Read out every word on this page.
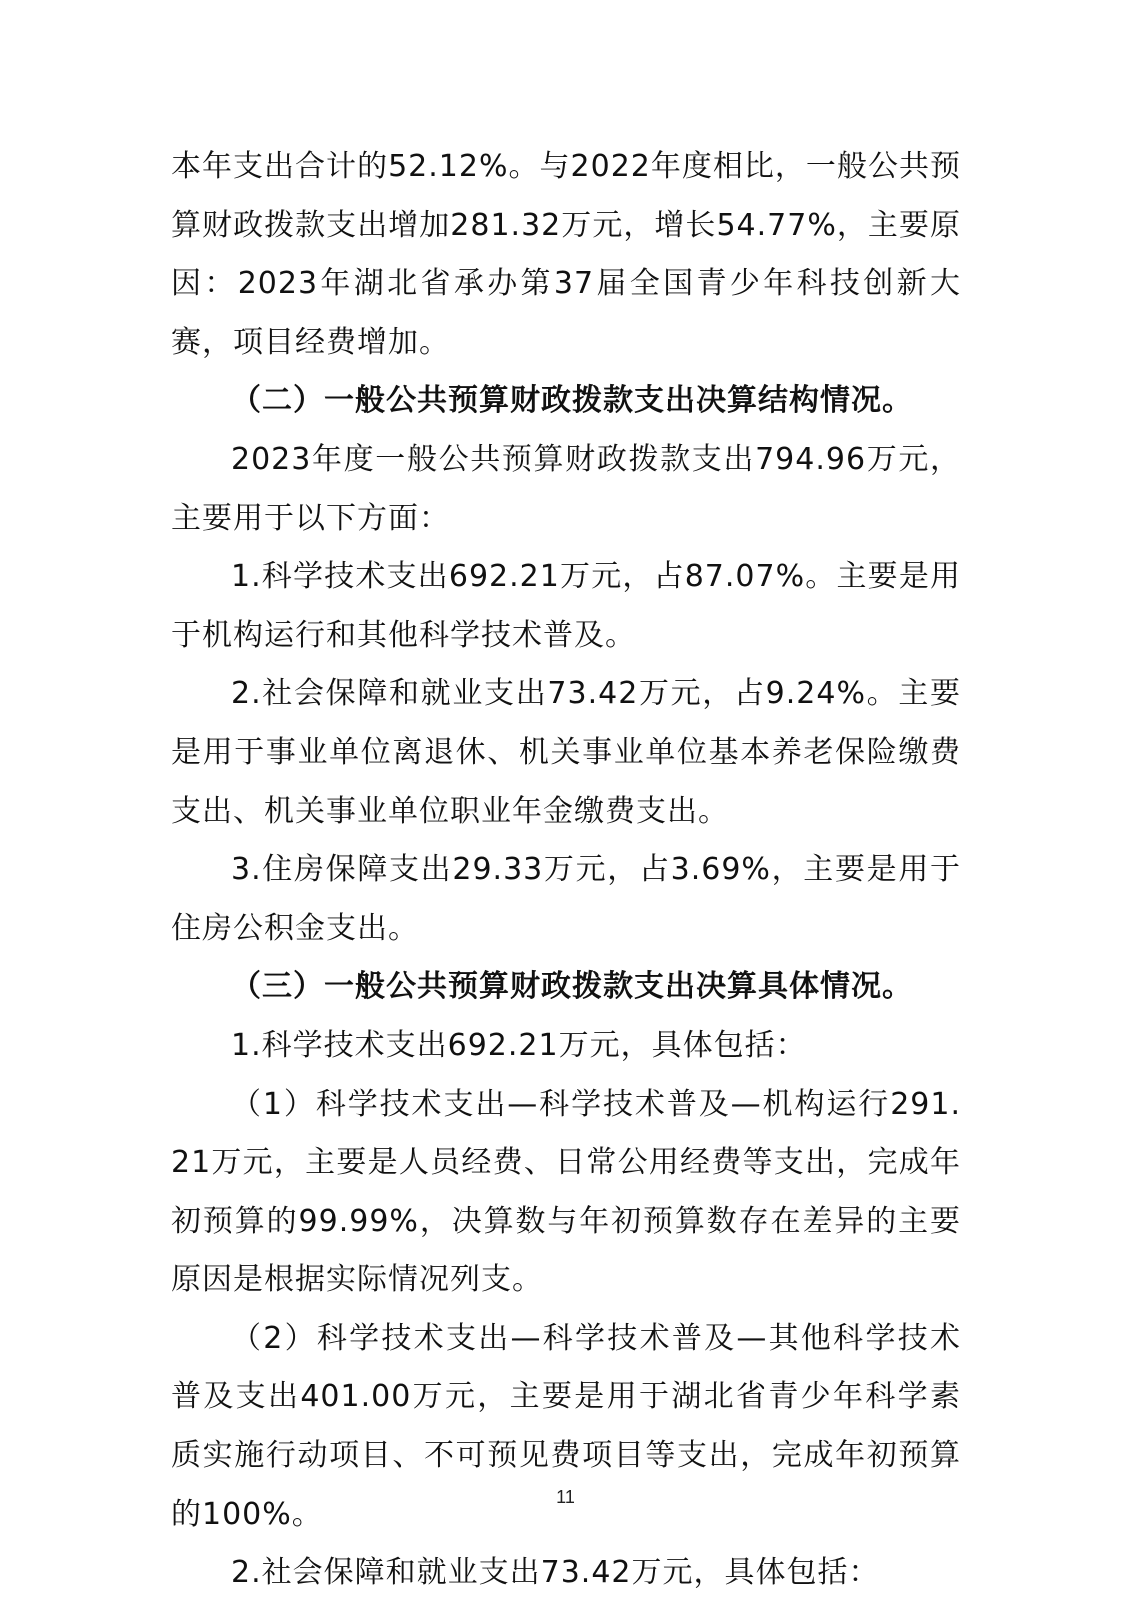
本年支出合计的52.12%。与2022年度相比，一般公共预算财政拨款支出增加281.32万元，增长54.77%，主要原因：2023年湖北省承办第37届全国青少年科技创新大赛，项目经费增加。

（二）一般公共预算财政拨款支出决算结构情况。

2023年度一般公共预算财政拨款支出794.96万元，主要用于以下方面：

1.科学技术支出692.21万元，占87.07%。主要是用于机构运行和其他科学技术普及。

2.社会保障和就业支出73.42万元，占9.24%。主要是用于事业单位离退休、机关事业单位基本养老保险缴费支出、机关事业单位职业年金缴费支出。

3.住房保障支出29.33万元，占3.69%，主要是用于住房公积金支出。

（三）一般公共预算财政拨款支出决算具体情况。

1.科学技术支出692.21万元，具体包括：

（1）科学技术支出—科学技术普及—机构运行291.21万元，主要是人员经费、日常公用经费等支出，完成年初预算的99.99%，决算数与年初预算数存在差异的主要原因是根据实际情况列支。

（2）科学技术支出—科学技术普及—其他科学技术普及支出401.00万元，主要是用于湖北省青少年科学素质实施行动项目、不可预见费项目等支出，完成年初预算的100%。

2.社会保障和就业支出73.42万元，具体包括：

11
